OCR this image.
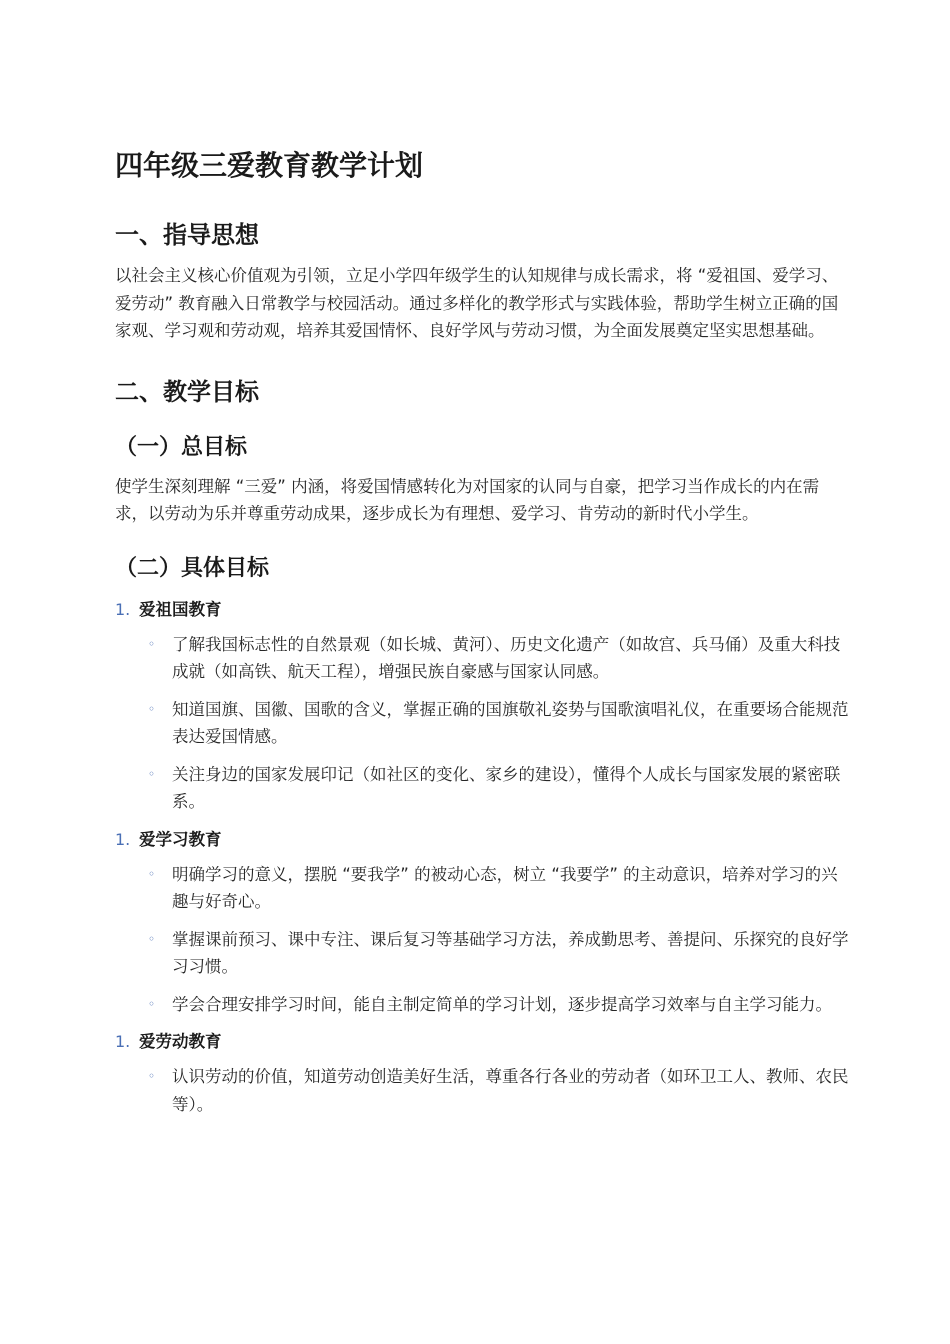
四年级三爱教育教学计划
一、指导思想

以社会主义核心价值观为引领，立足小学四年级学生的认知规律与成长需求，将 “爱祖国、爱学习、爱劳动” 教育融入日常教学与校园活动。通过多样化的教学形式与实践体验，帮助学生树立正确的国家观、学习观和劳动观，培养其爱国情怀、良好学风与劳动习惯，为全面发展奠定坚实思想基础。

二、教学目标
（一）总目标

使学生深刻理解 “三爱” 内涵，将爱国情感转化为对国家的认同与自豪，把学习当作成长的内在需求，以劳动为乐并尊重劳动成果，逐步成长为有理想、爱学习、肯劳动的新时代小学生。

（二）具体目标
1. 爱祖国教育
◦	了解我国标志性的自然景观（如长城、黄河）、历史文化遗产（如故宫、兵马俑）及重大科技成就（如高铁、航天工程），增强民族自豪感与国家认同感。
◦	知道国旗、国徽、国歌的含义，掌握正确的国旗敬礼姿势与国歌演唱礼仪，在重要场合能规范表达爱国情感。
◦	关注身边的国家发展印记（如社区的变化、家乡的建设），懂得个人成长与国家发展的紧密联系。
1. 爱学习教育
◦	明确学习的意义，摆脱 “要我学” 的被动心态，树立 “我要学” 的主动意识，培养对学习的兴趣与好奇心。
◦	掌握课前预习、课中专注、课后复习等基础学习方法，养成勤思考、善提问、乐探究的良好学习习惯。
◦	学会合理安排学习时间，能自主制定简单的学习计划，逐步提高学习效率与自主学习能力。
1. 爱劳动教育
◦	认识劳动的价值，知道劳动创造美好生活，尊重各行各业的劳动者（如环卫工人、教师、农民等）。
